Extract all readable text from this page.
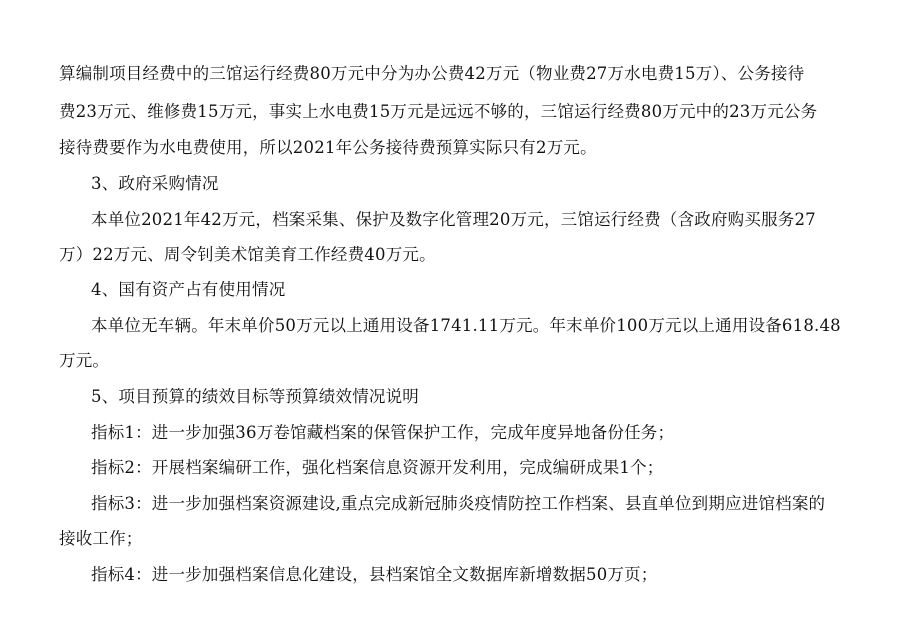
算编制项目经费中的三馆运行经费80万元中分为办公费42万元（物业费27万水电费15万）、公务接待
费23万元、维修费15万元，事实上水电费15万元是远远不够的，三馆运行经费80万元中的23万元公务
接待费要作为水电费使用，所以2021年公务接待费预算实际只有2万元。
3、政府采购情况
本单位2021年42万元，档案采集、保护及数字化管理20万元，三馆运行经费（含政府购买服务27
万）22万元、周令钊美术馆美育工作经费40万元。
4、国有资产占有使用情况
本单位无车辆。年末单价50万元以上通用设备1741.11万元。年末单价100万元以上通用设备618.48
万元。
5、项目预算的绩效目标等预算绩效情况说明
指标1：进一步加强36万卷馆藏档案的保管保护工作，完成年度异地备份任务；
指标2：开展档案编研工作，强化档案信息资源开发利用，完成编研成果1个；
指标3：进一步加强档案资源建设,重点完成新冠肺炎疫情防控工作档案、县直单位到期应进馆档案的
接收工作；
指标4：进一步加强档案信息化建设，县档案馆全文数据库新增数据50万页；
